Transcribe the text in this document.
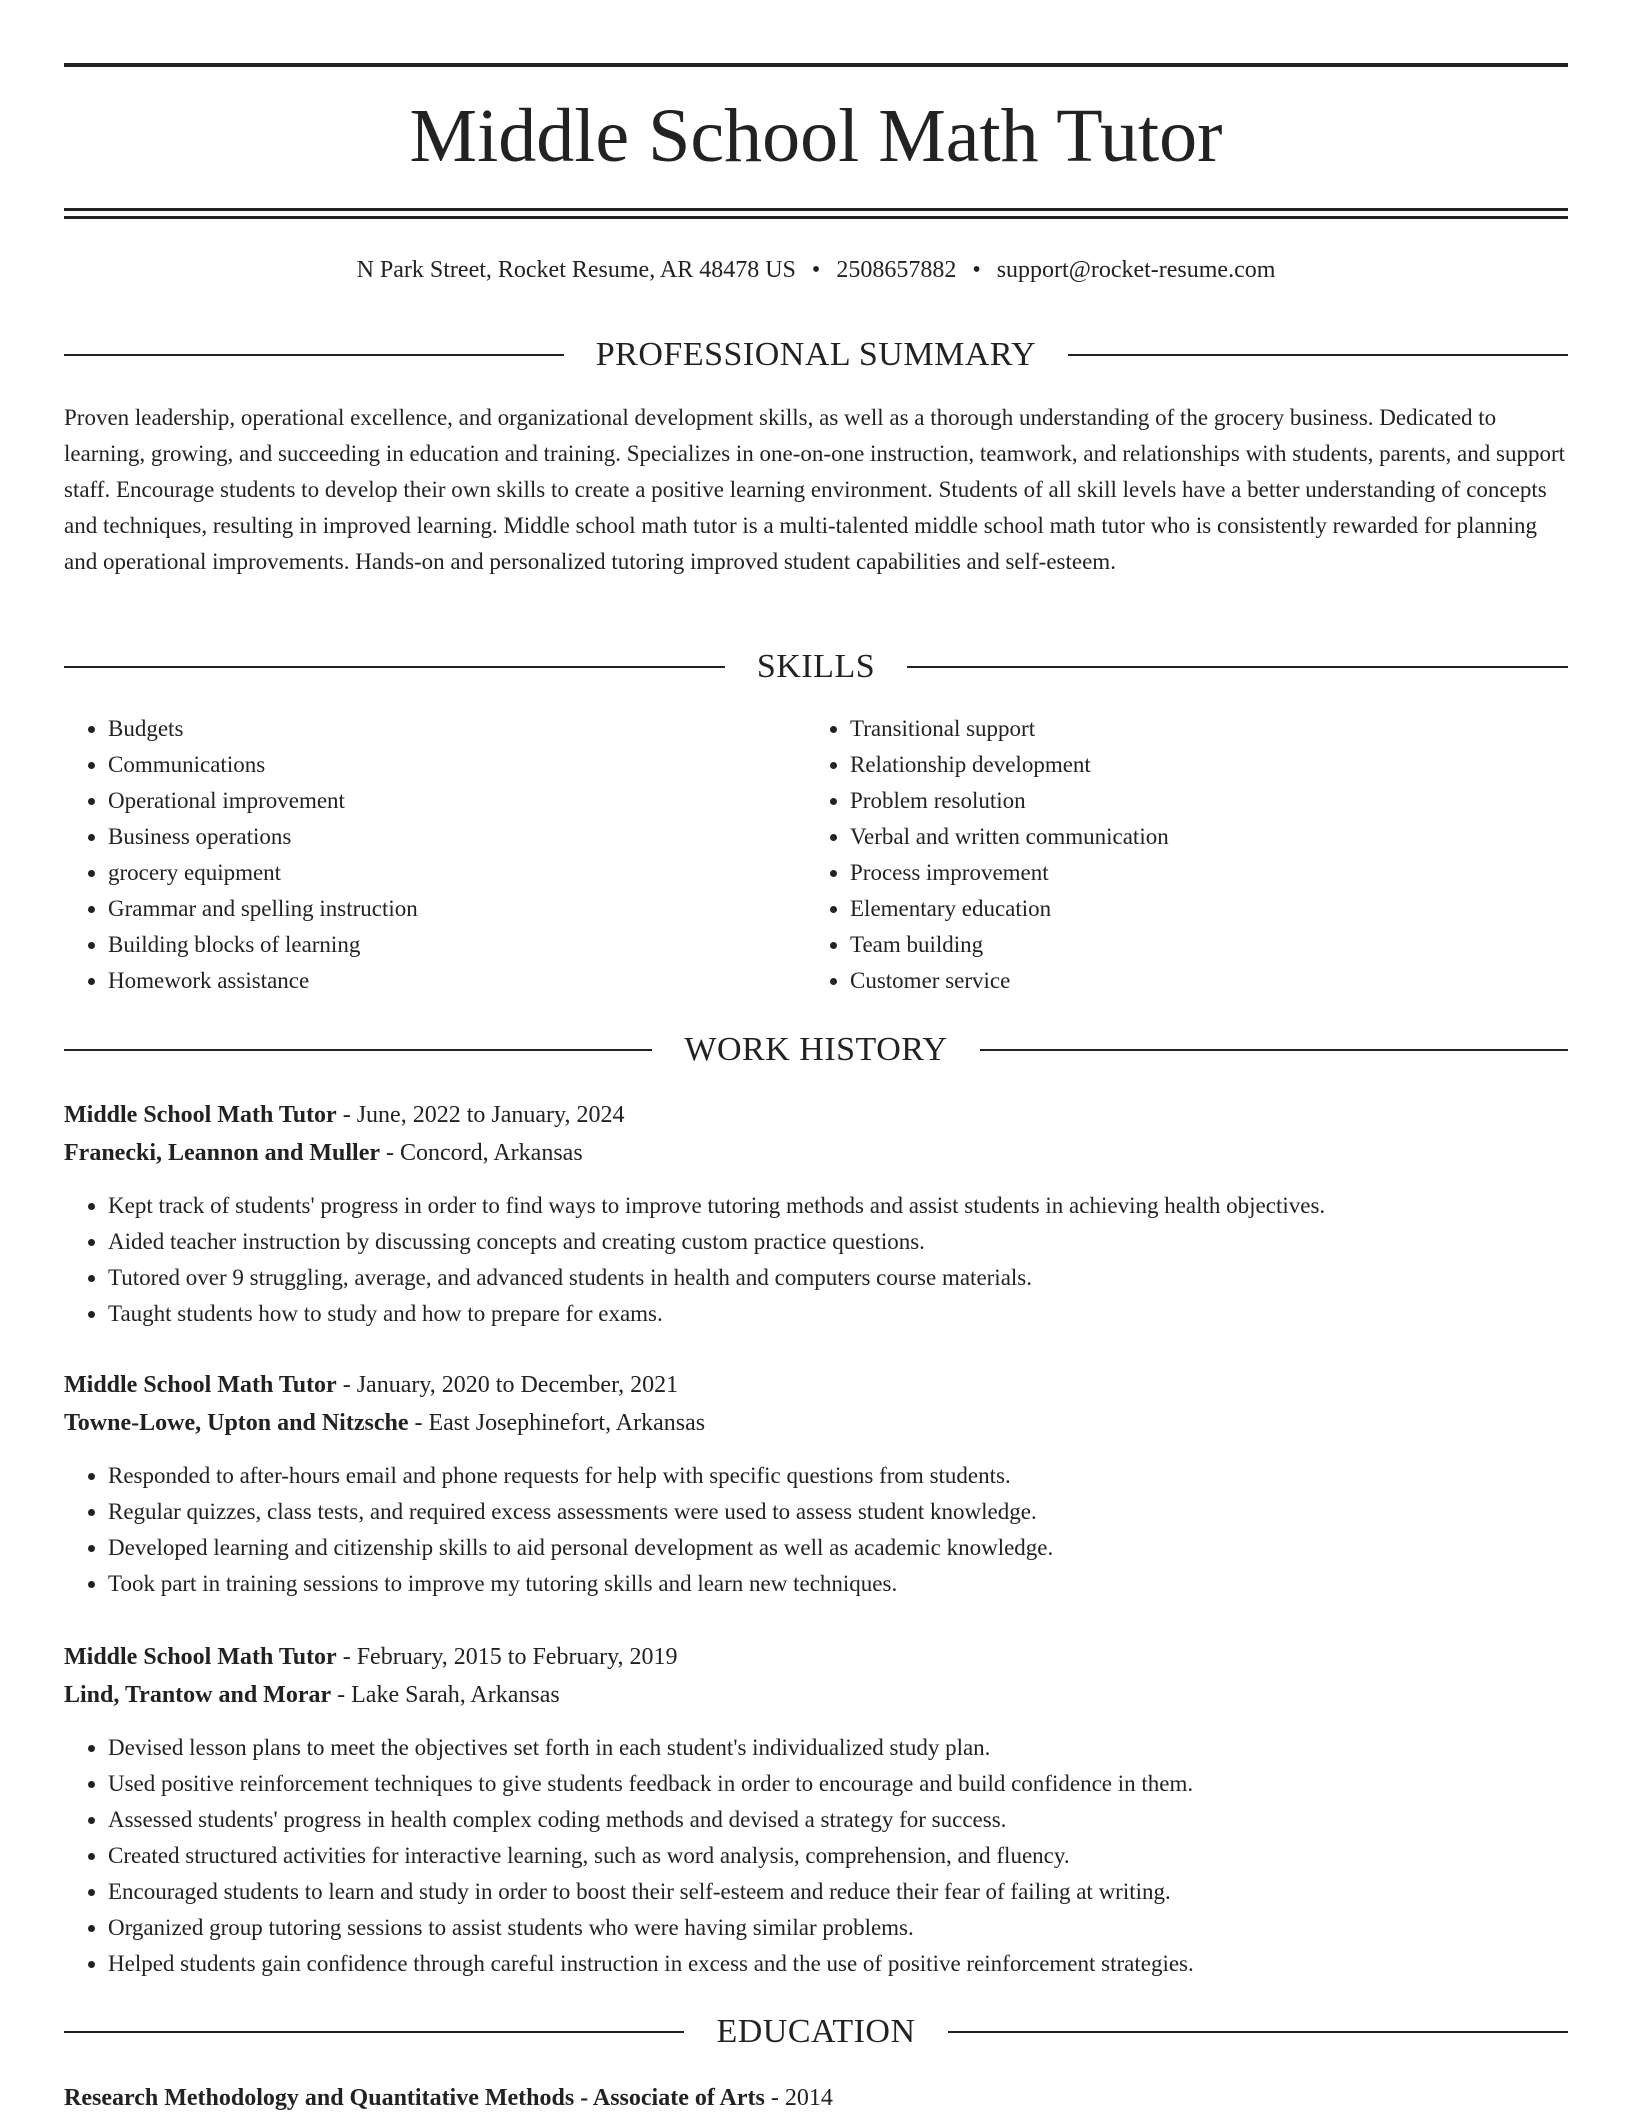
Middle School Math Tutor
N Park Street, Rocket Resume, AR 48478 US • 2508657882 • support@rocket-resume.com
PROFESSIONAL SUMMARY

Proven leadership, operational excellence, and organizational development skills, as well as a thorough understanding of the grocery business. Dedicated to learning, growing, and succeeding in education and training. Specializes in one-on-one instruction, teamwork, and relationships with students, parents, and support staff. Encourage students to develop their own skills to create a positive learning environment. Students of all skill levels have a better understanding of concepts and techniques, resulting in improved learning. Middle school math tutor is a multi-talented middle school math tutor who is consistently rewarded for planning and operational improvements. Hands-on and personalized tutoring improved student capabilities and self-esteem.

SKILLS
• Budgets
• Communications
• Operational improvement
• Business operations
• grocery equipment
• Grammar and spelling instruction
• Building blocks of learning
• Homework assistance
• Transitional support
• Relationship development
• Problem resolution
• Verbal and written communication
• Process improvement
• Elementary education
• Team building
• Customer service
WORK HISTORY
Middle School Math Tutor - June, 2022 to January, 2024
Franecki, Leannon and Muller - Concord, Arkansas
• Kept track of students' progress in order to find ways to improve tutoring methods and assist students in achieving health objectives.
• Aided teacher instruction by discussing concepts and creating custom practice questions.
• Tutored over 9 struggling, average, and advanced students in health and computers course materials.
• Taught students how to study and how to prepare for exams.
Middle School Math Tutor - January, 2020 to December, 2021
Towne-Lowe, Upton and Nitzsche - East Josephinefort, Arkansas
• Responded to after-hours email and phone requests for help with specific questions from students.
• Regular quizzes, class tests, and required excess assessments were used to assess student knowledge.
• Developed learning and citizenship skills to aid personal development as well as academic knowledge.
• Took part in training sessions to improve my tutoring skills and learn new techniques.
Middle School Math Tutor - February, 2015 to February, 2019
Lind, Trantow and Morar - Lake Sarah, Arkansas
• Devised lesson plans to meet the objectives set forth in each student's individualized study plan.
• Used positive reinforcement techniques to give students feedback in order to encourage and build confidence in them.
• Assessed students' progress in health complex coding methods and devised a strategy for success.
• Created structured activities for interactive learning, such as word analysis, comprehension, and fluency.
• Encouraged students to learn and study in order to boost their self-esteem and reduce their fear of failing at writing.
• Organized group tutoring sessions to assist students who were having similar problems.
• Helped students gain confidence through careful instruction in excess and the use of positive reinforcement strategies.
EDUCATION
Research Methodology and Quantitative Methods - Associate of Arts - 2014
